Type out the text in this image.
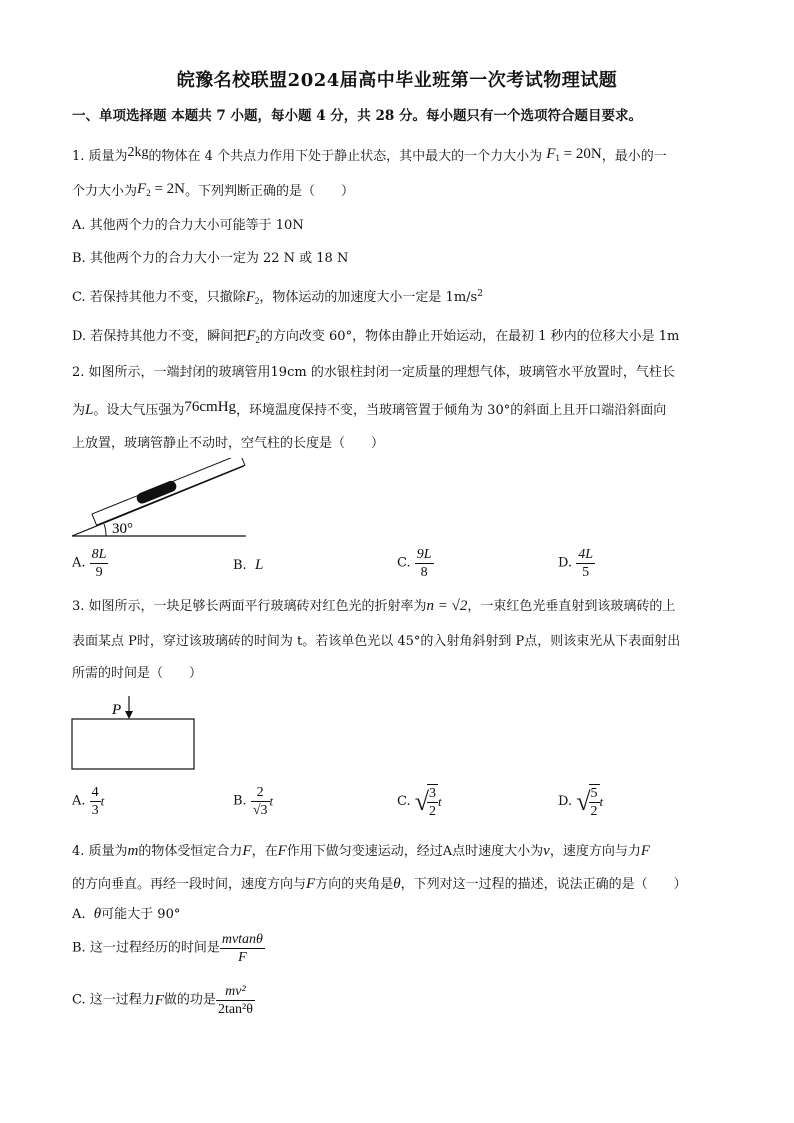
皖豫名校联盟2024届高中毕业班第一次考试物理试题
一、单项选择题 本题共 7 小题，每小题 4 分，共 28 分。每小题只有一个选项符合题目要求。
1. 质量为2kg的物体在 4 个共点力作用下处于静止状态，其中最大的一个力大小为 $F_1 = 20N$，最小的一
个力大小为$F_2 = 2N$。下列判断正确的是（　　）
A. 其他两个力的合力大小可能等于 10N
B. 其他两个力的合力大小一定为 22 N 或 18 N
C. 若保持其他力不变，只撤除$F_2$，物体运动的加速度大小一定是 $1m/s^2$
D. 若保持其他力不变，瞬间把$F_2$的方向改变 60°，物体由静止开始运动，在最初 1 秒内的位移大小是 1m
2. 如图所示，一端封闭的玻璃管用19cm 的水银柱封闭一定质量的理想气体，玻璃管水平放置时，气柱长
为L。设大气压强为76cmHg，环境温度保持不变，当玻璃管置于倾角为 30°的斜面上且开口端沿斜面向
上放置，玻璃管静止不动时，空气柱的长度是（　　）
30°
A. $\frac{8L}{9}$	B. L	C. $\frac{9L}{8}$	D. $\frac{4L}{5}$
3. 如图所示，一块足够长两面平行玻璃砖对红色光的折射率为n = √2，一束红色光垂直射到该玻璃砖的上
表面某点 P时，穿过该玻璃砖的时间为 t。若该单色光以 45°的入射角斜射到 P点，则该束光从下表面射出
所需的时间是（　　）
P
A. $\frac{4}{3}$ t	B. $\frac{2}{√3}$ t	C. √
$\frac{3}{2}$ t	D. √
$\frac{5}{2}$ t
4. 质量为m的物体受恒定合力F，在F作用下做匀变速运动，经过A点时速度大小为v，速度方向与力F
的方向垂直。再经一段时间，速度方向与F方向的夹角是θ，下列对这一过程的描述，说法正确的是（　　）
A. θ可能大于 90°
B. 这一过程经历的时间是 $\frac{mvtan\theta}{F}$
C. 这一过程力F做的功是 $\frac{\text{mv²}}{\text{2tan²θ}}$
